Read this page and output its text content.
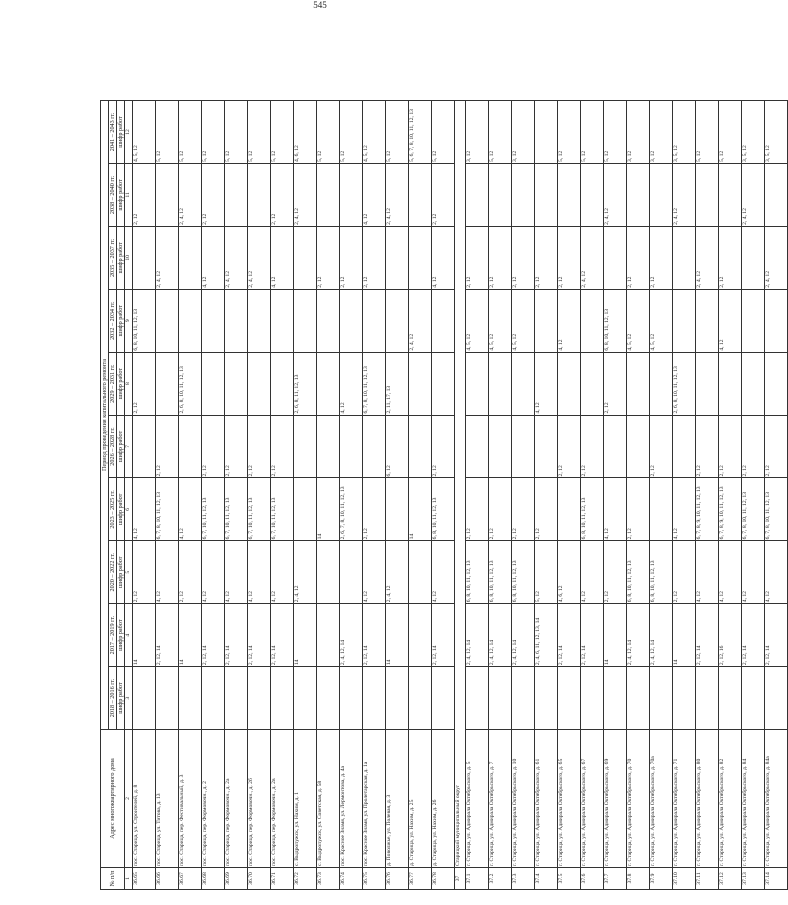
545
№ п/п	Адрес многоквартирного дома	Период проведения капитального ремонта									
		2018 – 2016 гг.	2017 – 2019 гг.	2020 – 2022 гг.	2023 – 2025 гг.	2026 – 2028 гг.	2029 – 2031 гг.	2032 – 2034 гг.	2035 – 2037 гг.	2038 – 2040 гг.	2041 – 2043 гг.
		шифр работ	шифр работ	шифр работ	шифр работ	шифр работ	шифр работ	шифр работ	шифр работ	шифр работ	шифр работ
1	2	3	4	5	6	7	8	9	10	11	12
36.65	пос. Старица, ул. Строителей, д. 8		14	2, 12	4, 12		2, 12	6, 8, 10, 11, 12, 13		2, 12	4, 5, 12
36.66	пос. Старица, ул. Титова, д. 13		2, 12, 14	4, 12	6, 7, 8, 10, 11, 12, 13	2, 12			2, 4, 12		5, 12
36.67	пос. Старица, пер. Фестивальный, д. 3		14	2, 12	4, 12		2, 6, 8, 10, 11, 12, 13			2, 4, 12	5, 12
36.68	пос. Старица, пер. Формовочн., д. 2		2, 12, 14	4, 12	6, 7, 10, 11, 12, 13	2, 12			4, 12	2, 12	5, 12
36.69	пос. Старица, пер. Формовочн., д. 2а		2, 12, 14	4, 12	6, 7, 10, 11, 12, 13	2, 12			2, 4, 12		5, 12
36.70	пос. Старица, пер. Формовочн., д. 2б		2, 12, 14	4, 12	6, 7, 10, 11, 12, 13	2, 12			2, 4, 12		5, 12
36.71	пос. Старица, пер. Формовочн., д. 2в		2, 12, 14	4, 12	6, 7, 10, 11, 12, 13	2, 12			4, 12	2, 12	5, 12
36.72	с. Выдропужск, ул. Нахим, д. 1		14	2, 4, 12			2, 6, 8, 11, 12, 13			2, 4, 12	4, 6, 12
36.73	с. Выдропужск, ул. Советская, д. 58				14				2, 12		5, 12
36.74	пос. Красное Знамя, ул. Лермонтова, д. 4а		2, 4, 12, 14		2, 6, 7, 8, 10, 11, 12, 13		4, 12		2, 12		5, 12
36.75	пос. Красное Знамя, ул. Пролетарская, д. 1а		2, 12, 14	4, 12	2, 12		6, 7, 8, 10, 11, 12, 13		2, 12	4, 12	4, 5, 12
36.76	д. Поволжье, ул. Полевая, д. 3		14	2, 4, 12		6, 12	2, 11, 17, 13			2, 4, 12	5, 12
36.77	д. Старица, ул. Нахим, д. 25				14			2, 4, 12			5, 6, 7, 8, 10, 11, 12, 13
36.78	д. Старица, ул. Нахим, д. 26		2, 12, 14	4, 12	6, 8, 10, 11, 12, 13	2, 12			4, 12	2, 12	5, 12
37	Старицкий муниципальный округ										
37.1	г. Старица, ул. Адмирала Октябрьского, д. 5		2, 4, 12, 14	6, 8, 10, 11, 12, 13	2, 12			4, 5, 12	2, 12		3, 12
37.2	г. Старица, ул. Адмирала Октябрьского, д. 7		2, 4, 12, 14	6, 8, 10, 11, 12, 13	2, 12			4, 5, 12	2, 12		5, 12
37.3	г. Старица, ул. Адмирала Октябрьского, д. 10		2, 4, 12, 14	6, 8, 10, 11, 12, 13	2, 12			4, 5, 12	2, 12		3, 12
37.4	г. Старица, ул. Адмирала Октябрьского, д. 61		2, 4, 6, 11, 12, 13, 14	5, 12	2, 12		4, 12		2, 12		
37.5	г. Старица, ул. Адмирала Октябрьского, д. 65		2, 12, 14	4, 6, 12		2, 12		4, 12	2, 12		5, 12
37.6	г. Старица, ул. Адмирала Октябрьского, д. 67		2, 12, 14	4, 12	6, 8, 10, 11, 12, 13	2, 12			2, 4, 12		5, 12
37.7	г. Старица, ул. Адмирала Октябрьского, д. 69		14	2, 12	4, 12		2, 12	6, 8, 10, 11, 12, 13		2, 4, 12	5, 12
37.8	г. Старица, ул. Адмирала Октябрьского, д. 70		2, 4, 12, 14	6, 8, 10, 11, 12, 13	2, 12			4, 5, 12	2, 12		3, 12
37.9	г. Старица, ул. Адмирала Октябрьского, д. 70а		2, 4, 12, 14	6, 8, 10, 11, 12, 13		2, 12		4, 5, 12	2, 12		3, 12
37.10	г. Старица, ул. Адмирала Октябрьского, д. 71		14	2, 12	4, 12		2, 6, 8, 10, 11, 12, 13			2, 4, 12	3, 5, 12
37.11	г. Старица, ул. Адмирала Октябрьского, д. 80		2, 12, 14	4, 12	6, 7, 8, 9, 10, 11, 12, 13	2, 12			2, 4, 12		5, 12
37.12	г. Старица, ул. Адмирала Октябрьского, д. 82		2, 12, 16	4, 12	6, 7, 8, 9, 10, 11, 12, 13	2, 12		4, 12	2, 12		5, 12
37.13	г. Старица, ул. Адмирала Октябрьского, д. 84		2, 12, 14	4, 12	6, 7, 8, 10, 11, 12, 13	2, 12				2, 4, 12	3, 5, 12
37.14	г. Старица, ул. Адмирала Октябрьского, д. 84а		2, 12, 14	4, 12	6, 7, 8, 10, 11, 12, 13	2, 12			2, 4, 12		3, 5, 12
